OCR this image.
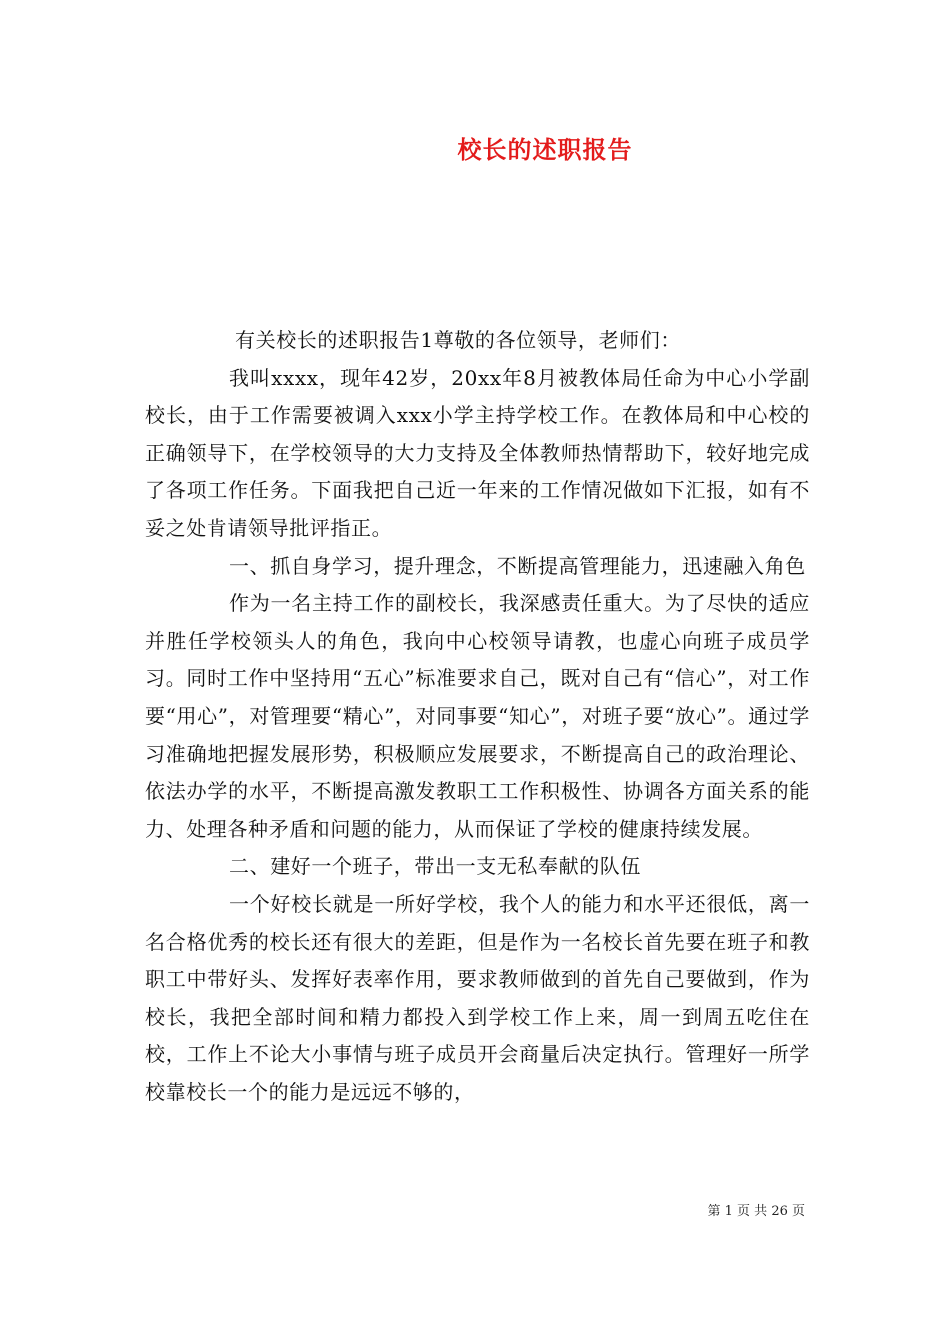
校长的述职报告

有关校长的述职报告1尊敬的各位领导，老师们：

我叫xxxx，现年42岁，20xx年8月被教体局任命为中心小学副校长，由于工作需要被调入xxx小学主持学校工作。在教体局和中心校的正确领导下，在学校领导的大力支持及全体教师热情帮助下，较好地完成了各项工作任务。下面我把自己近一年来的工作情况做如下汇报，如有不妥之处肯请领导批评指正。

一、抓自身学习，提升理念，不断提高管理能力，迅速融入角色

作为一名主持工作的副校长，我深感责任重大。为了尽快的适应并胜任学校领头人的角色，我向中心校领导请教，也虚心向班子成员学习。同时工作中坚持用“五心”标准要求自己，既对自己有“信心”，对工作要“用心”，对管理要“精心”，对同事要“知心”，对班子要“放心”。通过学习准确地把握发展形势，积极顺应发展要求，不断提高自己的政治理论、依法办学的水平，不断提高激发教职工工作积极性、协调各方面关系的能力、处理各种矛盾和问题的能力，从而保证了学校的健康持续发展。

二、建好一个班子，带出一支无私奉献的队伍

一个好校长就是一所好学校，我个人的能力和水平还很低，离一名合格优秀的校长还有很大的差距，但是作为一名校长首先要在班子和教职工中带好头、发挥好表率作用，要求教师做到的首先自己要做到，作为校长，我把全部时间和精力都投入到学校工作上来，周一到周五吃住在校，工作上不论大小事情与班子成员开会商量后决定执行。管理好一所学校靠校长一个的能力是远远不够的，

第 1 页 共 26 页
